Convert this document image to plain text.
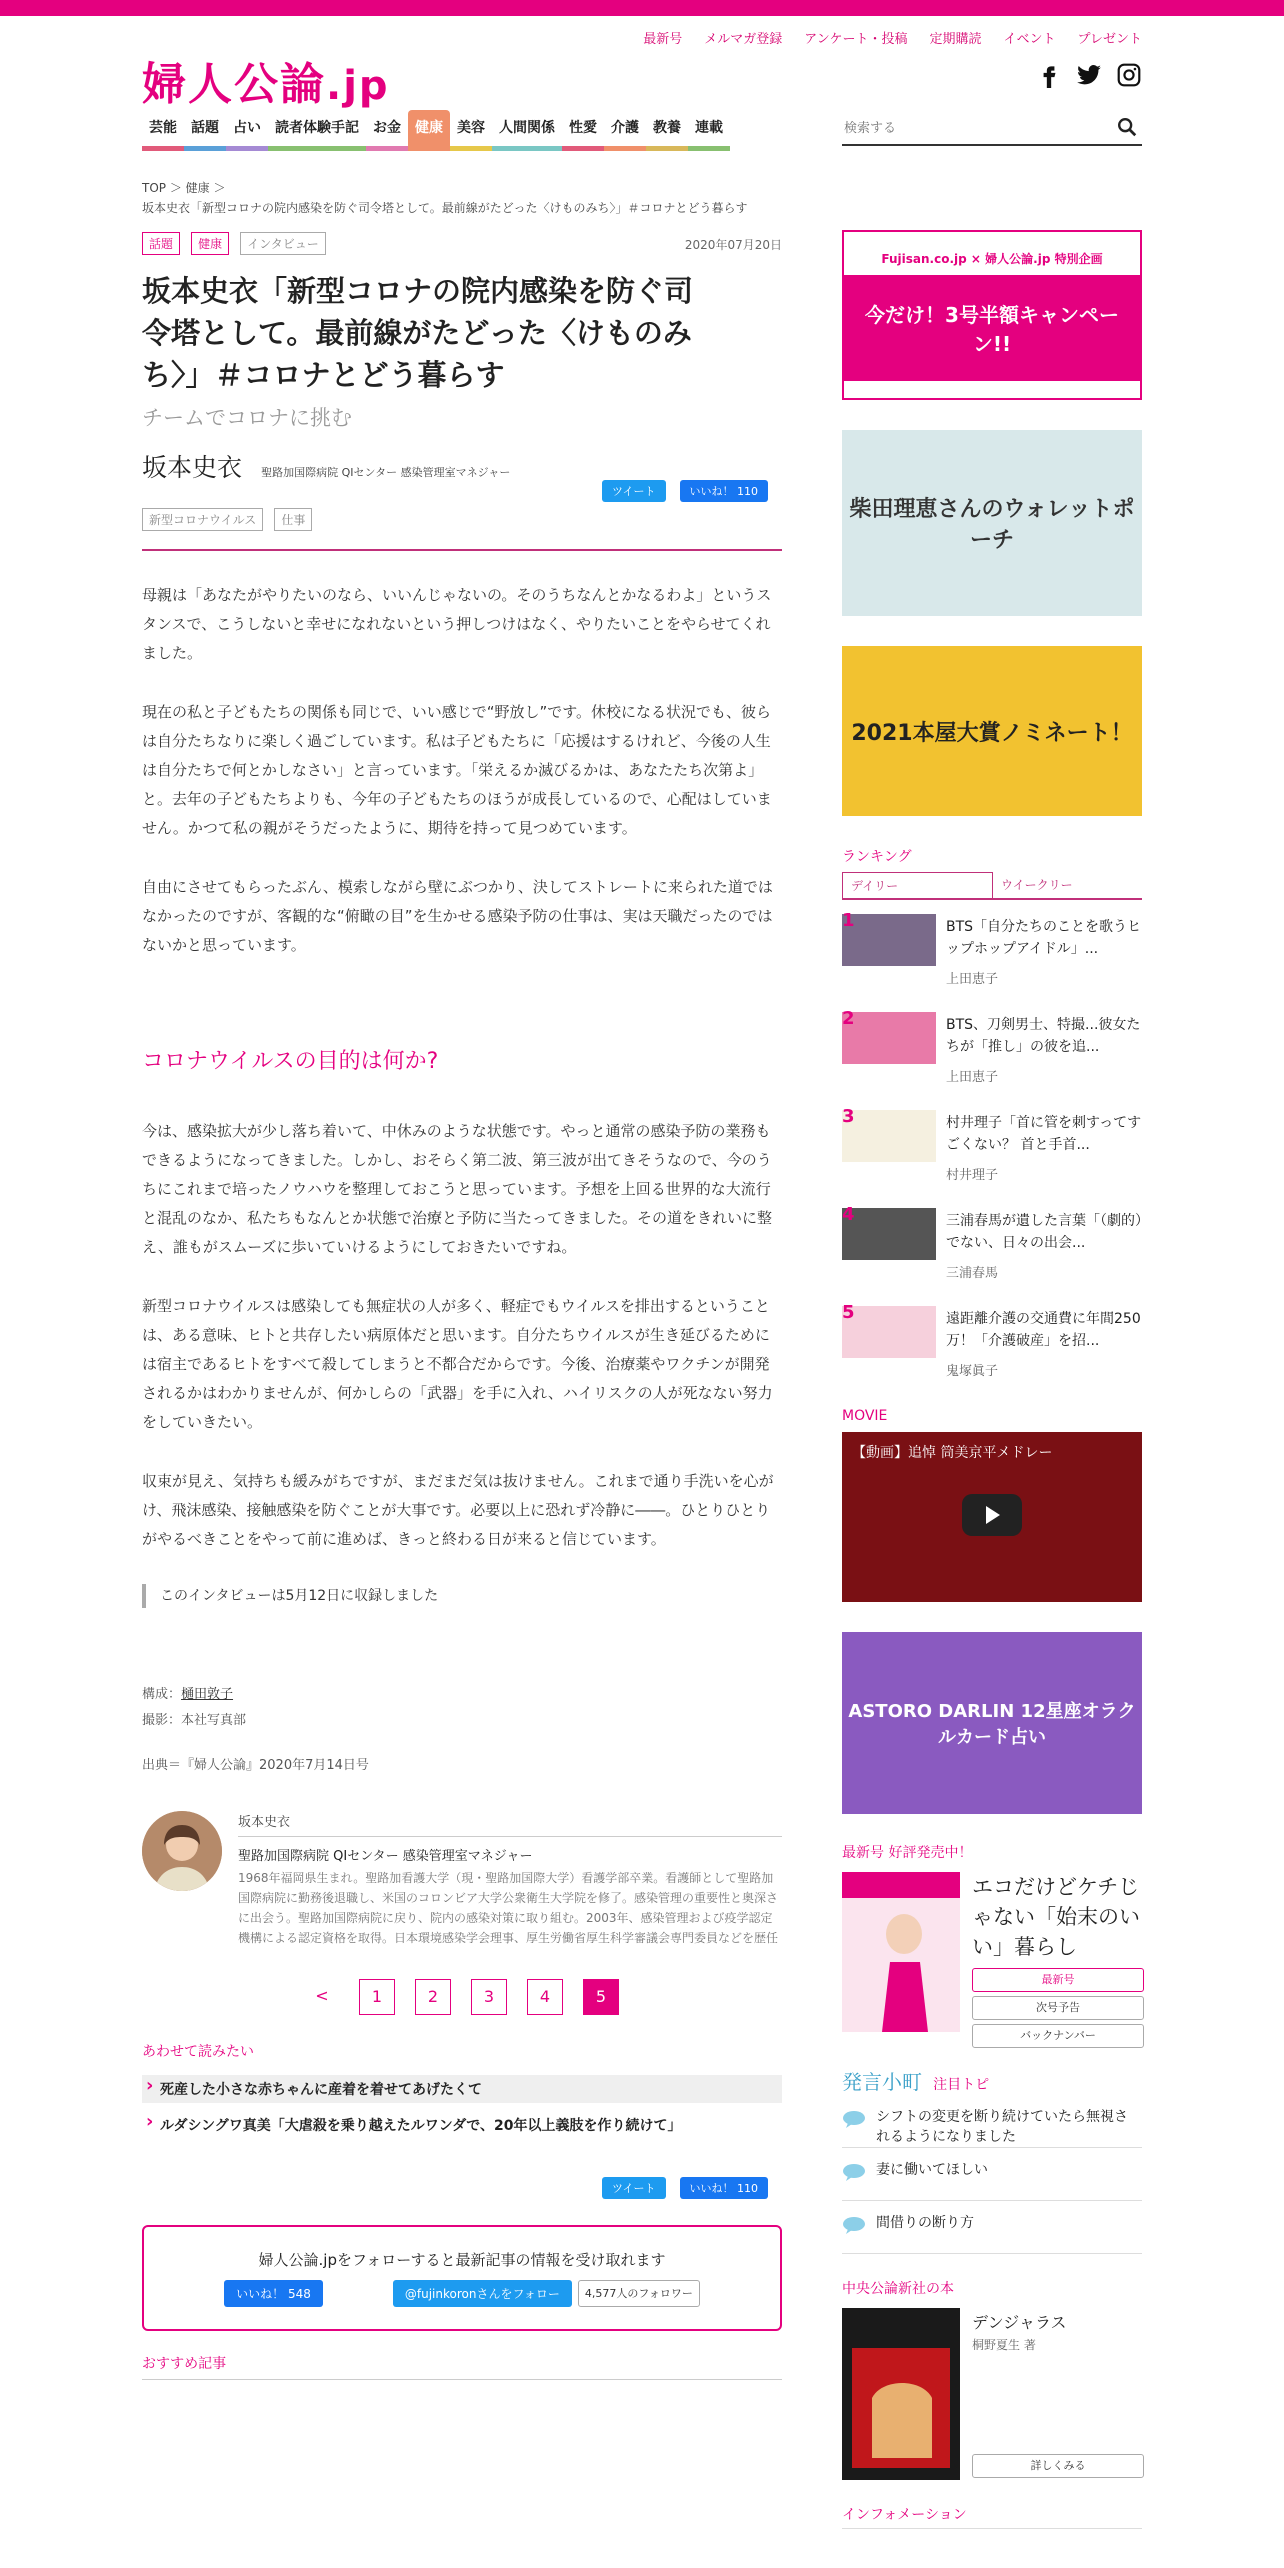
最新号 メルマガ登録 アンケート・投稿 定期購読 イベント プレゼント
婦人公論.jp
芸能	話題	占い	読者体験手記	お金	健康	美容	人間関係	性愛	介護	教養	連載
検索する
TOP ＞ 健康 ＞
坂本史衣「新型コロナの院内感染を防ぐ司令塔として。最前線がたどった〈けものみち〉」＃コロナとどう暮らす
話題 健康 インタビュー	2020年07月20日
坂本史衣「新型コロナの院内感染を防ぐ司令塔として。最前線がたどった〈けものみち〉」＃コロナとどう暮らす
チームでコロナに挑む
坂本史衣 聖路加国際病院 QIセンター 感染管理室マネジャー
ツイート	いいね！ 110
新型コロナウイルス 仕事
母親は「あなたがやりたいのなら、いいんじゃないの。そのうちなんとかなるわよ」というスタンスで、こうしないと幸せになれないという押しつけはなく、やりたいことをやらせてくれました。
現在の私と子どもたちの関係も同じで、いい感じで“野放し”です。休校になる状況でも、彼らは自分たちなりに楽しく過ごしています。私は子どもたちに「応援はするけれど、今後の人生は自分たちで何とかしなさい」と言っています。「栄えるか滅びるかは、あなたたち次第よ」と。去年の子どもたちよりも、今年の子どもたちのほうが成長しているので、心配はしていません。かつて私の親がそうだったように、期待を持って見つめています。
自由にさせてもらったぶん、模索しながら壁にぶつかり、決してストレートに来られた道ではなかったのですが、客観的な“俯瞰の目”を生かせる感染予防の仕事は、実は天職だったのではないかと思っています。
コロナウイルスの目的は何か?
今は、感染拡大が少し落ち着いて、中休みのような状態です。やっと通常の感染予防の業務もできるようになってきました。しかし、おそらく第二波、第三波が出てきそうなので、今のうちにこれまで培ったノウハウを整理しておこうと思っています。予想を上回る世界的な大流行と混乱のなか、私たちもなんとか状態で治療と予防に当たってきました。その道をきれいに整え、誰もがスムーズに歩いていけるようにしておきたいですね。
新型コロナウイルスは感染しても無症状の人が多く、軽症でもウイルスを排出するということは、ある意味、ヒトと共存したい病原体だと思います。自分たちウイルスが生き延びるためには宿主であるヒトをすべて殺してしまうと不都合だからです。今後、治療薬やワクチンが開発されるかはわかりませんが、何かしらの「武器」を手に入れ、ハイリスクの人が死なない努力をしていきたい。
収束が見え、気持ちも緩みがちですが、まだまだ気は抜けません。これまで通り手洗いを心がけ、飛沫感染、接触感染を防ぐことが大事です。必要以上に恐れず冷静に――。ひとりひとりがやるべきことをやって前に進めば、きっと終わる日が来ると信じています。
このインタビューは5月12日に収録しました
構成：樋田敦子
撮影：本社写真部
出典＝『婦人公論』2020年7月14日号
坂本史衣
聖路加国際病院 QIセンター 感染管理室マネジャー
1968年福岡県生まれ。聖路加看護大学（現・聖路加国際大学）看護学部卒業。看護師として聖路加国際病院に勤務後退職し、米国のコロンビア大学公衆衛生大学院を修了。感染管理の重要性と奥深さに出会う。聖路加国際病院に戻り、院内の感染対策に取り組む。2003年、感染管理および疫学認定機構による認定資格を取得。日本環境感染学会理事、厚生労働省厚生科学審議会専門委員などを歴任
<	1	2	3	4	5
あわせて読みたい
› 死産した小さな赤ちゃんに産着を着せてあげたくて
› ルダシングワ真美「大虐殺を乗り越えたルワンダで、20年以上義肢を作り続けて」
ツイート	いいね！ 110
婦人公論.jpをフォローすると最新記事の情報を受け取れます
いいね！ 548	@fujinkoronさんをフォロー	4,577人のフォロワー
おすすめ記事
Fujisan.co.jp × 婦人公論.jp 特別企画
今だけ！3号半額キャンペーン!!
柴田理恵さんのウォレットポーチ
2021本屋大賞ノミネート！
ランキング
デイリー	ウイークリー
1	BTS「自分たちのことを歌うヒップホップアイドル」...
上田恵子
2	BTS、刀剣男士、特撮...彼女たちが「推し」の彼を追...
上田恵子
3	村井理子「首に管を刺すってすごくない？ 首と手首...
村井理子
4	三浦春馬が遺した言葉「（劇的）でない、日々の出会...
三浦春馬
5	遠距離介護の交通費に年間250万！「介護破産」を招...
鬼塚眞子
MOVIE
【動画】追悼 筒美京平メドレー
ASTORO DARLIN 12星座オラクルカード占い
最新号 好評発売中！
エコだけどケチじゃない「始末のいい」暮らし
最新号
次号予告
バックナンバー
発言小町 注目トピ
シフトの変更を断り続けていたら無視されるようになりました
妻に働いてほしい
間借りの断り方
中央公論新社の本
デンジャラス
桐野夏生 著
詳しくみる
インフォメーション
